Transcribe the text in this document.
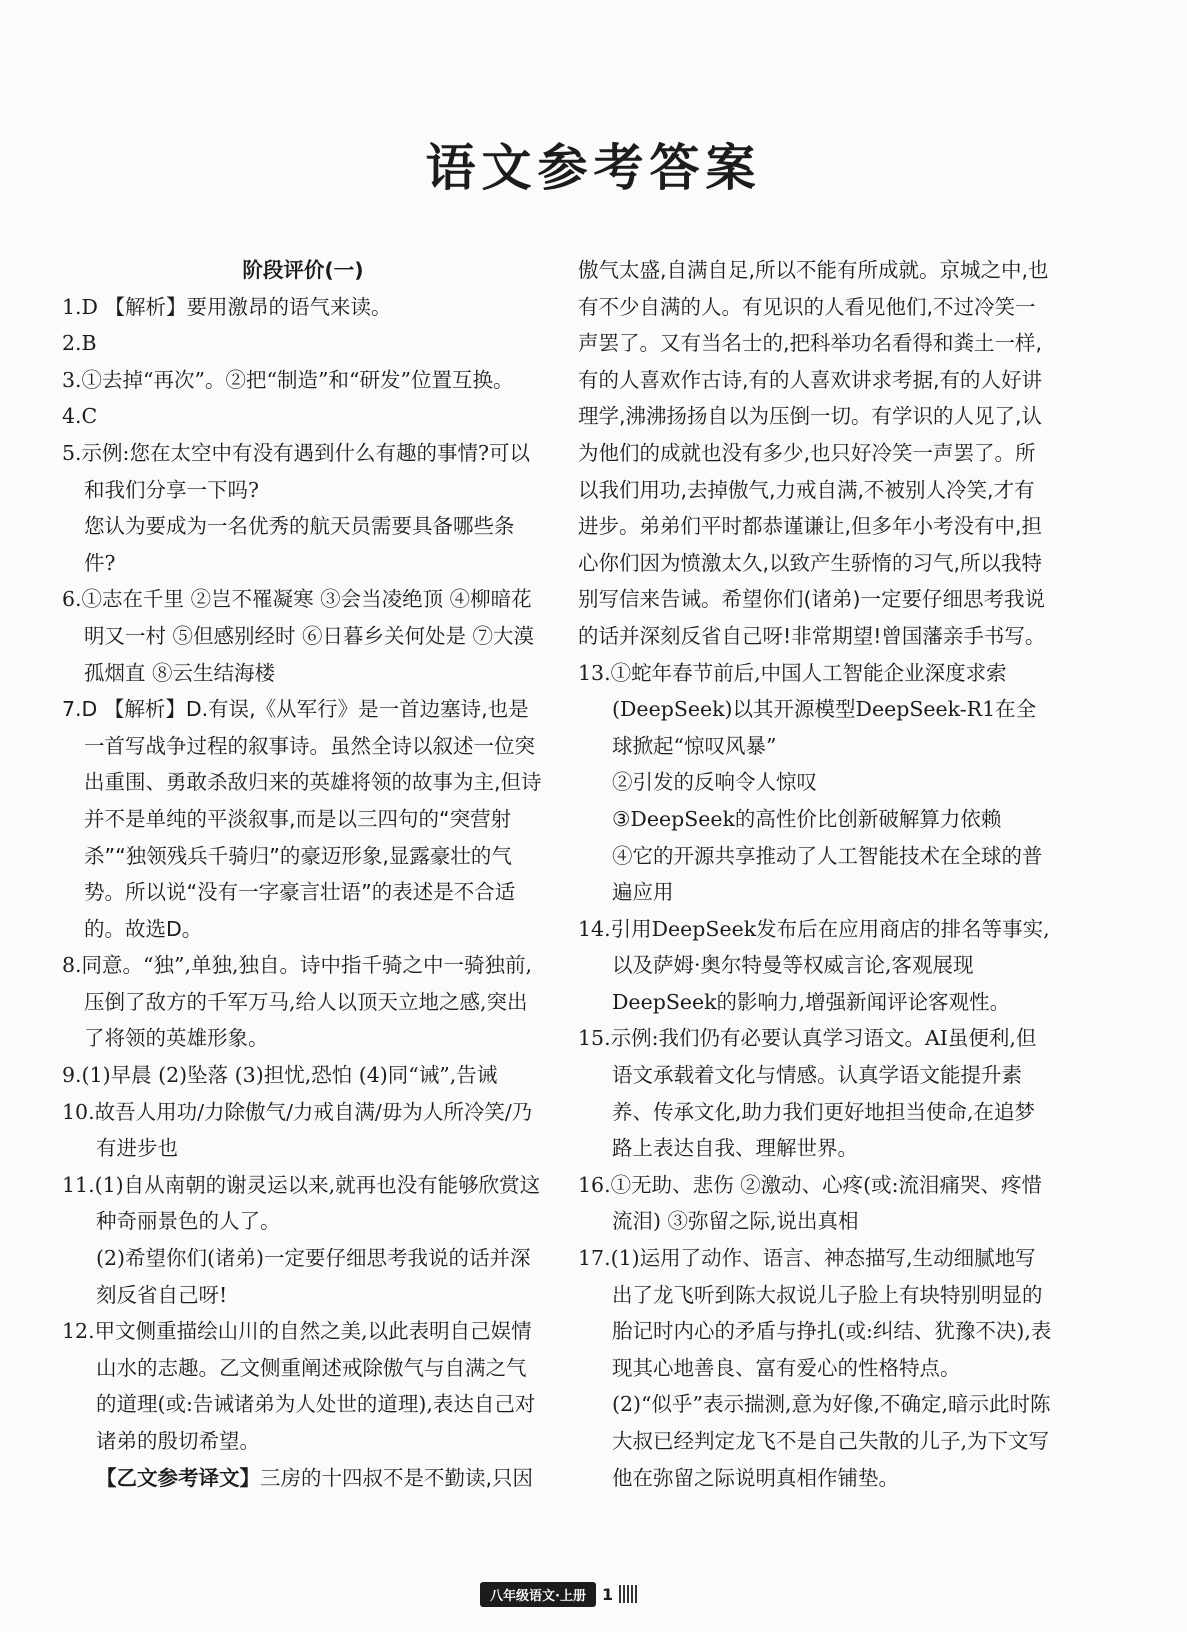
语文参考答案
阶段评价(一)
1.D 【解析】要用激昂的语气来读。
2.B
3.①去掉“再次”。②把“制造”和“研发”位置互换。
4.C
5.示例:您在太空中有没有遇到什么有趣的事情?可以和我们分享一下吗?
您认为要成为一名优秀的航天员需要具备哪些条件?
6.①志在千里 ②岂不罹凝寒 ③会当凌绝顶 ④柳暗花明又一村 ⑤但感别经时 ⑥日暮乡关何处是 ⑦大漠孤烟直 ⑧云生结海楼
7.D 【解析】D.有误,《从军行》是一首边塞诗,也是一首写战争过程的叙事诗。虽然全诗以叙述一位突出重围、勇敢杀敌归来的英雄将领的故事为主,但诗并不是单纯的平淡叙事,而是以三四句的“突营射杀”“独领残兵千骑归”的豪迈形象,显露豪壮的气势。所以说“没有一字豪言壮语”的表述是不合适的。故选D。
8.同意。“独”,单独,独自。诗中指千骑之中一骑独前,压倒了敌方的千军万马,给人以顶天立地之感,突出了将领的英雄形象。
9.(1)早晨 (2)坠落 (3)担忧,恐怕 (4)同“诫”,告诫
10.故吾人用功/力除傲气/力戒自满/毋为人所冷笑/乃有进步也
11.(1)自从南朝的谢灵运以来,就再也没有能够欣赏这种奇丽景色的人了。
(2)希望你们(诸弟)一定要仔细思考我说的话并深刻反省自己呀!
12.甲文侧重描绘山川的自然之美,以此表明自己娱情山水的志趣。乙文侧重阐述戒除傲气与自满之气的道理(或:告诫诸弟为人处世的道理),表达自己对诸弟的殷切希望。
【乙文参考译文】三房的十四叔不是不勤读,只因
傲气太盛,自满自足,所以不能有所成就。京城之中,也有不少自满的人。有见识的人看见他们,不过冷笑一声罢了。又有当名士的,把科举功名看得和粪土一样,有的人喜欢作古诗,有的人喜欢讲求考据,有的人好讲理学,沸沸扬扬自以为压倒一切。有学识的人见了,认为他们的成就也没有多少,也只好冷笑一声罢了。所以我们用功,去掉傲气,力戒自满,不被别人冷笑,才有进步。弟弟们平时都恭谨谦让,但多年小考没有中,担心你们因为愤激太久,以致产生骄惰的习气,所以我特别写信来告诫。希望你们(诸弟)一定要仔细思考我说的话并深刻反省自己呀!非常期望!曾国藩亲手书写。
13.①蛇年春节前后,中国人工智能企业深度求索(DeepSeek)以其开源模型DeepSeek-R1在全球掀起“惊叹风暴”
②引发的反响令人惊叹
③DeepSeek的高性价比创新破解算力依赖
④它的开源共享推动了人工智能技术在全球的普遍应用
14.引用DeepSeek发布后在应用商店的排名等事实,以及萨姆·奥尔特曼等权威言论,客观展现DeepSeek的影响力,增强新闻评论客观性。
15.示例:我们仍有必要认真学习语文。AI虽便利,但语文承载着文化与情感。认真学语文能提升素养、传承文化,助力我们更好地担当使命,在追梦路上表达自我、理解世界。
16.①无助、悲伤 ②激动、心疼(或:流泪痛哭、疼惜流泪) ③弥留之际,说出真相
17.(1)运用了动作、语言、神态描写,生动细腻地写出了龙飞听到陈大叔说儿子脸上有块特别明显的胎记时内心的矛盾与挣扎(或:纠结、犹豫不决),表现其心地善良、富有爱心的性格特点。
(2)“似乎”表示揣测,意为好像,不确定,暗示此时陈大叔已经判定龙飞不是自己失散的儿子,为下文写他在弥留之际说明真相作铺垫。
八年级语文·上册	1
